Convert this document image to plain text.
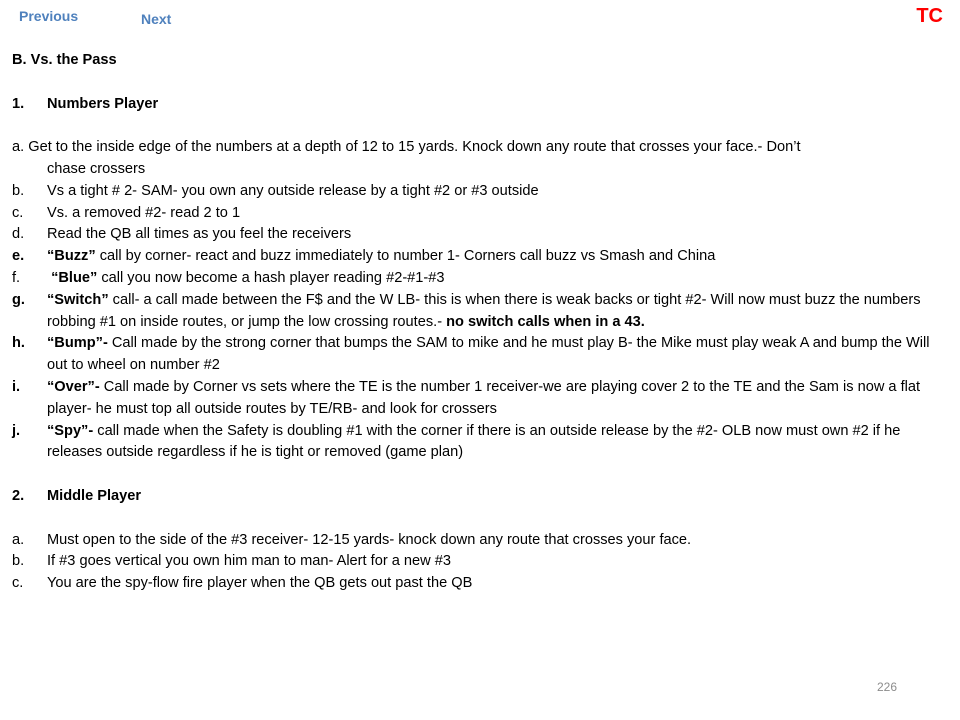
Previous	Next	TC
B. Vs. the Pass
1. Numbers Player
a. Get to the inside edge of the numbers at a depth of 12 to 15 yards. Knock down any route that crosses your face.- Don’t
chase crossers
b. Vs a tight # 2- SAM- you own any outside release by a tight #2 or #3 outside
c. Vs. a removed #2- read 2 to 1
d. Read the QB all times as you feel the receivers
e. “Buzz” call by corner- react and buzz immediately to number 1- Corners call buzz vs Smash and China
f. “Blue” call you now become a hash player reading #2-#1-#3
g. “Switch” call- a call made between the F$ and the W LB- this is when there is weak backs or tight #2- Will now must buzz the numbers robbing #1 on inside routes, or jump the low crossing routes.- no switch calls when in a 43.
h. “Bump”- Call made by the strong corner that bumps the SAM to mike and he must play B- the Mike must play weak A and bump the Will out to wheel on number #2
i. “Over”- Call made by Corner vs sets where the TE is the number 1 receiver-we are playing cover 2 to the TE and the Sam is now a flat player- he must top all outside routes by TE/RB- and look for crossers
j. “Spy”- call made when the Safety is doubling #1 with the corner if there is an outside release by the #2- OLB now must own #2 if he releases outside regardless if he is tight or removed (game plan)
2. Middle Player
a. Must open to the side of the #3 receiver- 12-15 yards- knock down any route that crosses your face.
b. If #3 goes vertical you own him man to man- Alert for a new #3
c. You are the spy-flow fire player when the QB gets out past the QB
226
